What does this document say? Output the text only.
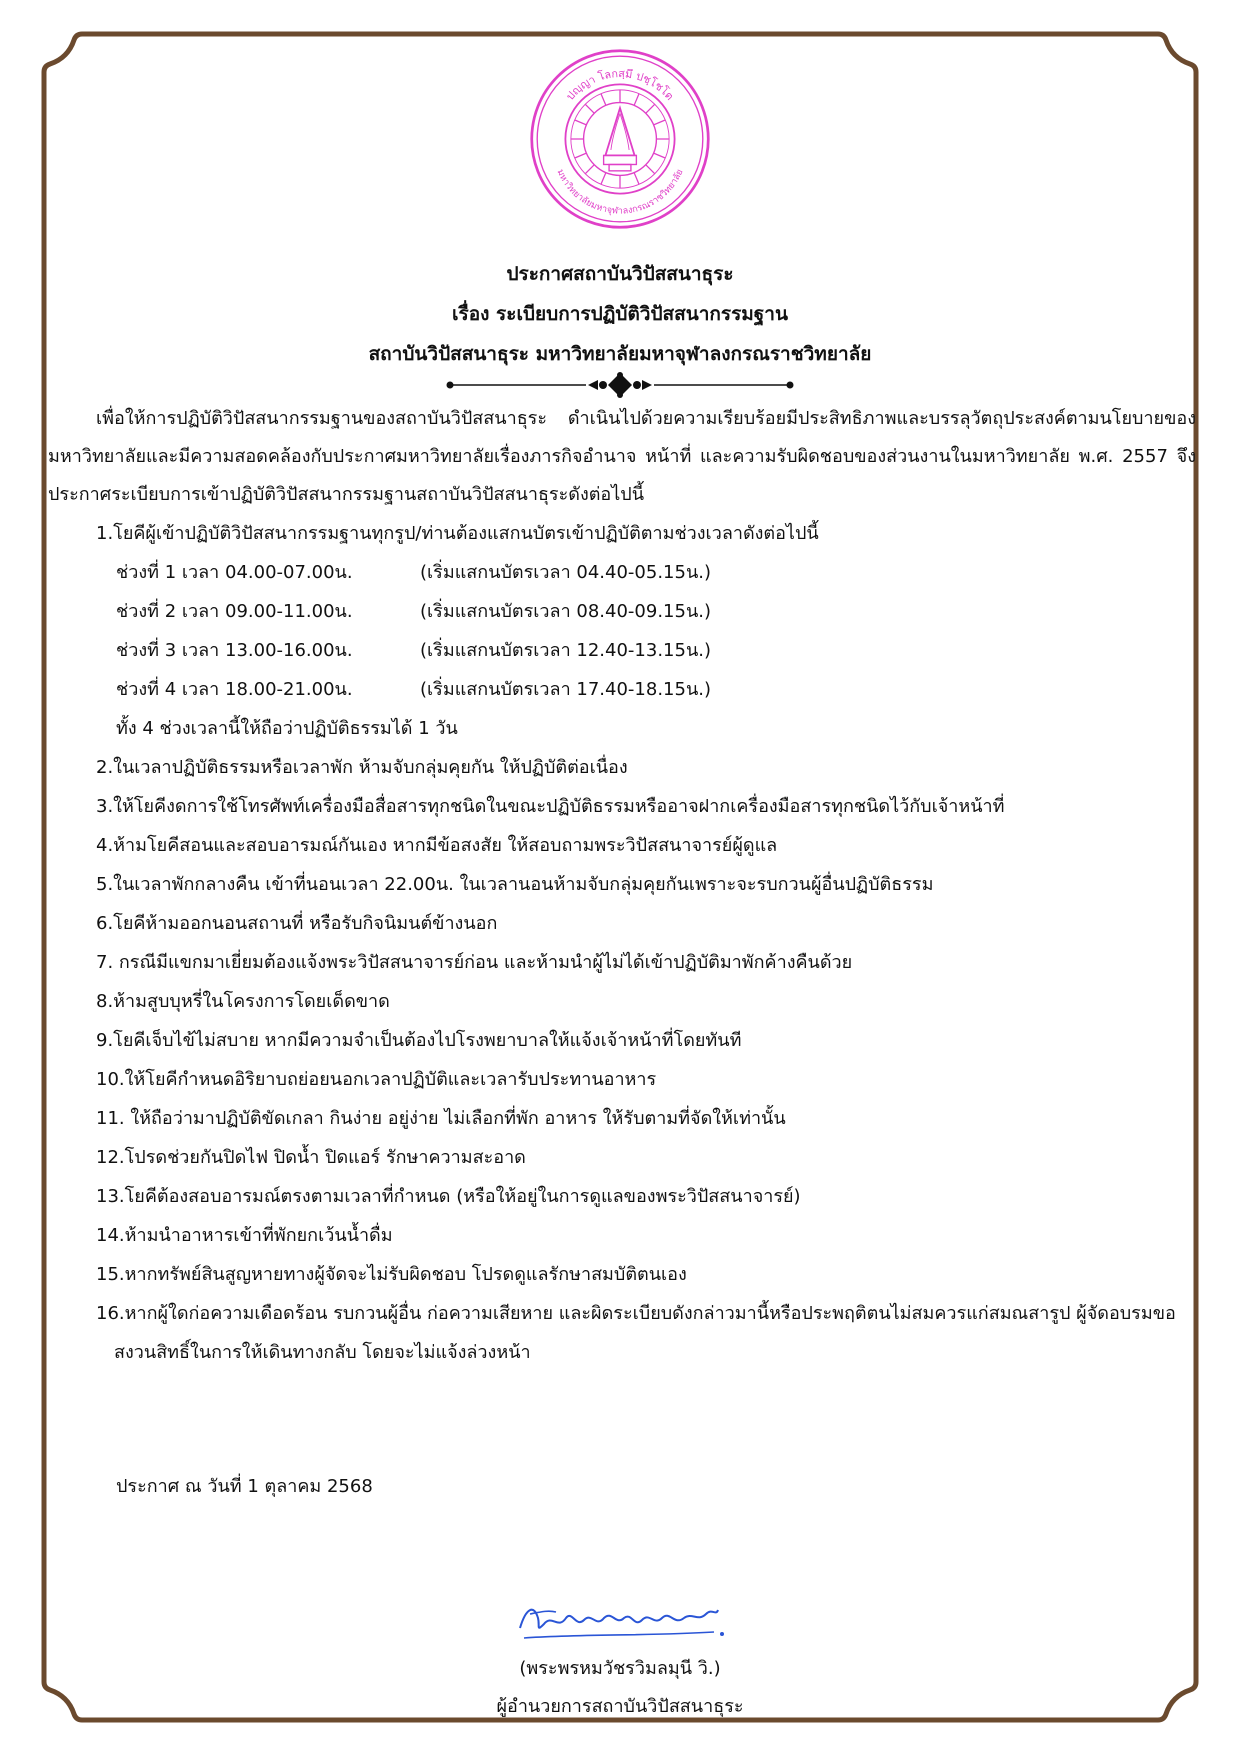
ปญฺญา โลกสฺมึ ปชฺโชโต
มหาวิทยาลัยมหาจุฬาลงกรณราชวิทยาลัย
ประกาศสถาบันวิปัสสนาธุระ
เรื่อง ระเบียบการปฏิบัติวิปัสสนากรรมฐาน
สถาบันวิปัสสนาธุระ มหาวิทยาลัยมหาจุฬาลงกรณราชวิทยาลัย

เพื่อให้การปฏิบัติวิปัสสนากรรมฐานของสถาบันวิปัสสนาธุระ ดำเนินไปด้วยความเรียบร้อยมีประสิทธิภาพและบรรลุวัตถุประสงค์ตามนโยบายของมหาวิทยาลัยและมีความสอดคล้องกับประกาศมหาวิทยาลัยเรื่องภารกิจอำนาจ หน้าที่ และความรับผิดชอบของส่วนงานในมหาวิทยาลัย พ.ศ. 2557 จึงประกาศระเบียบการเข้าปฏิบัติวิปัสสนากรรมฐานสถาบันวิปัสสนาธุระดังต่อไปนี้

1.โยคีผู้เข้าปฏิบัติวิปัสสนากรรมฐานทุกรูป/ท่านต้องแสกนบัตรเข้าปฏิบัติตามช่วงเวลาดังต่อไปนี้
ช่วงที่ 1 เวลา 04.00-07.00น.	(เริ่มแสกนบัตรเวลา 04.40-05.15น.)
ช่วงที่ 2 เวลา 09.00-11.00น.	(เริ่มแสกนบัตรเวลา 08.40-09.15น.)
ช่วงที่ 3 เวลา 13.00-16.00น.	(เริ่มแสกนบัตรเวลา 12.40-13.15น.)
ช่วงที่ 4 เวลา 18.00-21.00น.	(เริ่มแสกนบัตรเวลา 17.40-18.15น.)
ทั้ง 4 ช่วงเวลานี้ให้ถือว่าปฏิบัติธรรมได้ 1 วัน
2.ในเวลาปฏิบัติธรรมหรือเวลาพัก ห้ามจับกลุ่มคุยกัน ให้ปฏิบัติต่อเนื่อง
3.ให้โยคีงดการใช้โทรศัพท์เครื่องมือสื่อสารทุกชนิดในขณะปฏิบัติธรรมหรืออาจฝากเครื่องมือสารทุกชนิดไว้กับเจ้าหน้าที่
4.ห้ามโยคีสอนและสอบอารมณ์กันเอง หากมีข้อสงสัย ให้สอบถามพระวิปัสสนาจารย์ผู้ดูแล
5.ในเวลาพักกลางคืน เข้าที่นอนเวลา 22.00น. ในเวลานอนห้ามจับกลุ่มคุยกันเพราะจะรบกวนผู้อื่นปฏิบัติธรรม
6.โยคีห้ามออกนอนสถานที่ หรือรับกิจนิมนต์ข้างนอก
7. กรณีมีแขกมาเยี่ยมต้องแจ้งพระวิปัสสนาจารย์ก่อน และห้ามนำผู้ไม่ได้เข้าปฏิบัติมาพักค้างคืนด้วย
8.ห้ามสูบบุหรี่ในโครงการโดยเด็ดขาด
9.โยคีเจ็บไข้ไม่สบาย หากมีความจำเป็นต้องไปโรงพยาบาลให้แจ้งเจ้าหน้าที่โดยทันที
10.ให้โยคีกำหนดอิริยาบถย่อยนอกเวลาปฏิบัติและเวลารับประทานอาหาร
11. ให้ถือว่ามาปฏิบัติขัดเกลา กินง่าย อยู่ง่าย ไม่เลือกที่พัก อาหาร ให้รับตามที่จัดให้เท่านั้น
12.โปรดช่วยกันปิดไฟ ปิดน้ำ ปิดแอร์ รักษาความสะอาด
13.โยคีต้องสอบอารมณ์ตรงตามเวลาที่กำหนด (หรือให้อยู่ในการดูแลของพระวิปัสสนาจารย์)
14.ห้ามนำอาหารเข้าที่พักยกเว้นน้ำดื่ม
15.หากทรัพย์สินสูญหายทางผู้จัดจะไม่รับผิดชอบ โปรดดูแลรักษาสมบัติตนเอง
16.หากผู้ใดก่อความเดือดร้อน รบกวนผู้อื่น ก่อความเสียหาย และผิดระเบียบดังกล่าวมานี้หรือประพฤติตนไม่สมควรแก่สมณสารูป ผู้จัดอบรมขอสงวนสิทธิ์ในการให้เดินทางกลับ โดยจะไม่แจ้งล่วงหน้า
ประกาศ ณ วันที่ 1 ตุลาคม 2568
(พระพรหมวัชรวิมลมุนี วิ.)
ผู้อำนวยการสถาบันวิปัสสนาธุระ
